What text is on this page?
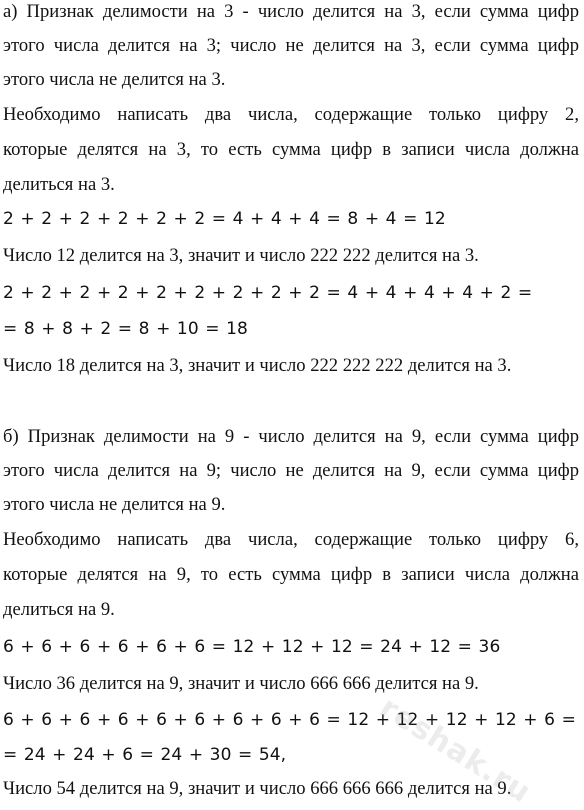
а) Признак делимости на 3 - число делится на 3, если сумма цифр
этого числа делится на 3; число не делится на 3, если сумма цифр
этого числа не делится на 3.
Необходимо написать два числа, содержащие только цифру 2,
которые делятся на 3, то есть сумма цифр в записи числа должна
делиться на 3.
2 + 2 + 2 + 2 + 2 + 2 = 4 + 4 + 4 = 8 + 4 = 12
Число 12 делится на 3, значит и число 222 222 делится на 3.
2 + 2 + 2 + 2 + 2 + 2 + 2 + 2 + 2 = 4 + 4 + 4 + 4 + 2 =
= 8 + 8 + 2 = 8 + 10 = 18
Число 18 делится на 3, значит и число 222 222 222 делится на 3.
б) Признак делимости на 9 - число делится на 9, если сумма цифр
этого числа делится на 9; число не делится на 9, если сумма цифр
этого числа не делится на 9.
Необходимо написать два числа, содержащие только цифру 6,
которые делятся на 9, то есть сумма цифр в записи числа должна
делиться на 9.
6 + 6 + 6 + 6 + 6 + 6 = 12 + 12 + 12 = 24 + 12 = 36
Число 36 делится на 9, значит и число 666 666 делится на 9.
6 + 6 + 6 + 6 + 6 + 6 + 6 + 6 + 6 = 12 + 12 + 12 + 12 + 6 =
= 24 + 24 + 6 = 24 + 30 = 54,
Число 54 делится на 9, значит и число 666 666 666 делится на 9.
reshak.ru
